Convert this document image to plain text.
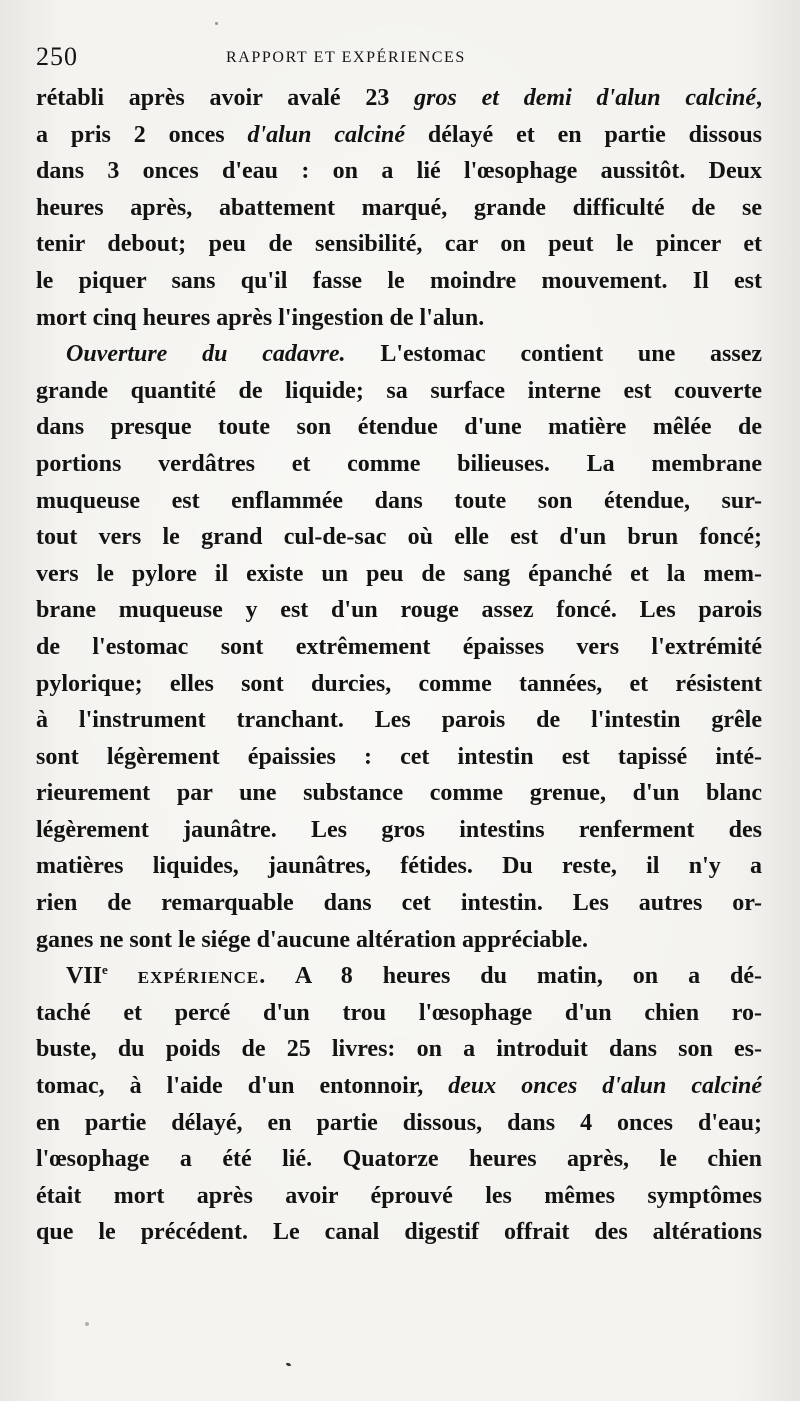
250	RAPPORT ET EXPÉRIENCES
rétabli après avoir avalé 23 gros et demi d'alun calciné,
a pris 2 onces d'alun calciné délayé et en partie dissous
dans 3 onces d'eau : on a lié l'œsophage aussitôt. Deux
heures après, abattement marqué, grande difficulté de se
tenir debout; peu de sensibilité, car on peut le pincer et
le piquer sans qu'il fasse le moindre mouvement. Il est
mort cinq heures après l'ingestion de l'alun.
Ouverture du cadavre. L'estomac contient une assez
grande quantité de liquide; sa surface interne est couverte
dans presque toute son étendue d'une matière mêlée de
portions verdâtres et comme bilieuses. La membrane
muqueuse est enflammée dans toute son étendue, sur-
tout vers le grand cul-de-sac où elle est d'un brun foncé;
vers le pylore il existe un peu de sang épanché et la mem-
brane muqueuse y est d'un rouge assez foncé. Les parois
de l'estomac sont extrêmement épaisses vers l'extrémité
pylorique; elles sont durcies, comme tannées, et résistent
à l'instrument tranchant. Les parois de l'intestin grêle
sont légèrement épaissies : cet intestin est tapissé inté-
rieurement par une substance comme grenue, d'un blanc
légèrement jaunâtre. Les gros intestins renferment des
matières liquides, jaunâtres, fétides. Du reste, il n'y a
rien de remarquable dans cet intestin. Les autres or-
ganes ne sont le siége d'aucune altération appréciable.
VIIe expérience. A 8 heures du matin, on a dé-
taché et percé d'un trou l'œsophage d'un chien ro-
buste, du poids de 25 livres: on a introduit dans son es-
tomac, à l'aide d'un entonnoir, deux onces d'alun calciné
en partie délayé, en partie dissous, dans 4 onces d'eau;
l'œsophage a été lié. Quatorze heures après, le chien
était mort après avoir éprouvé les mêmes symptômes
que le précédent. Le canal digestif offrait des altérations
